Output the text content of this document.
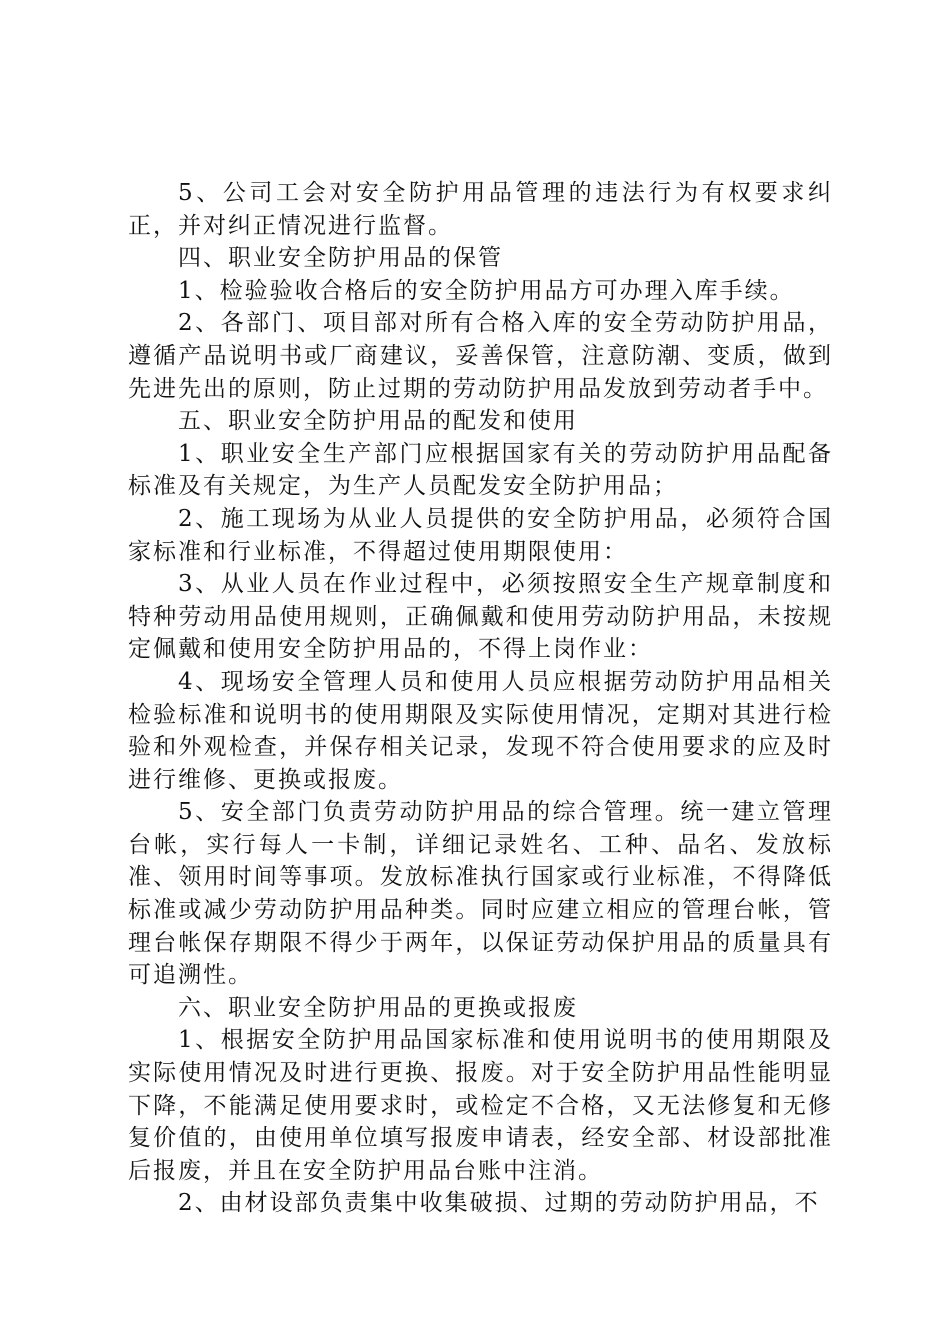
5、公司工会对安全防护用品管理的违法行为有权要求纠正，并对纠正情况进行监督。

四、职业安全防护用品的保管

1、检验验收合格后的安全防护用品方可办理入库手续。

2、各部门、项目部对所有合格入库的安全劳动防护用品，遵循产品说明书或厂商建议，妥善保管，注意防潮、变质，做到先进先出的原则，防止过期的劳动防护用品发放到劳动者手中。

五、职业安全防护用品的配发和使用

1、职业安全生产部门应根据国家有关的劳动防护用品配备标准及有关规定，为生产人员配发安全防护用品；

2、施工现场为从业人员提供的安全防护用品，必须符合国家标准和行业标准，不得超过使用期限使用：

3、从业人员在作业过程中，必须按照安全生产规章制度和特种劳动用品使用规则，正确佩戴和使用劳动防护用品，未按规定佩戴和使用安全防护用品的，不得上岗作业：

4、现场安全管理人员和使用人员应根据劳动防护用品相关检验标准和说明书的使用期限及实际使用情况，定期对其进行检验和外观检查，并保存相关记录，发现不符合使用要求的应及时进行维修、更换或报废。

5、安全部门负责劳动防护用品的综合管理。统一建立管理台帐，实行每人一卡制，详细记录姓名、工种、品名、发放标准、领用时间等事项。发放标准执行国家或行业标准，不得降低标准或减少劳动防护用品种类。同时应建立相应的管理台帐，管理台帐保存期限不得少于两年，以保证劳动保护用品的质量具有可追溯性。

六、职业安全防护用品的更换或报废

1、根据安全防护用品国家标准和使用说明书的使用期限及实际使用情况及时进行更换、报废。对于安全防护用品性能明显下降，不能满足使用要求时，或检定不合格，又无法修复和无修复价值的，由使用单位填写报废申请表，经安全部、材设部批准后报废，并且在安全防护用品台账中注消。

2、由材设部负责集中收集破损、过期的劳动防护用品，不
